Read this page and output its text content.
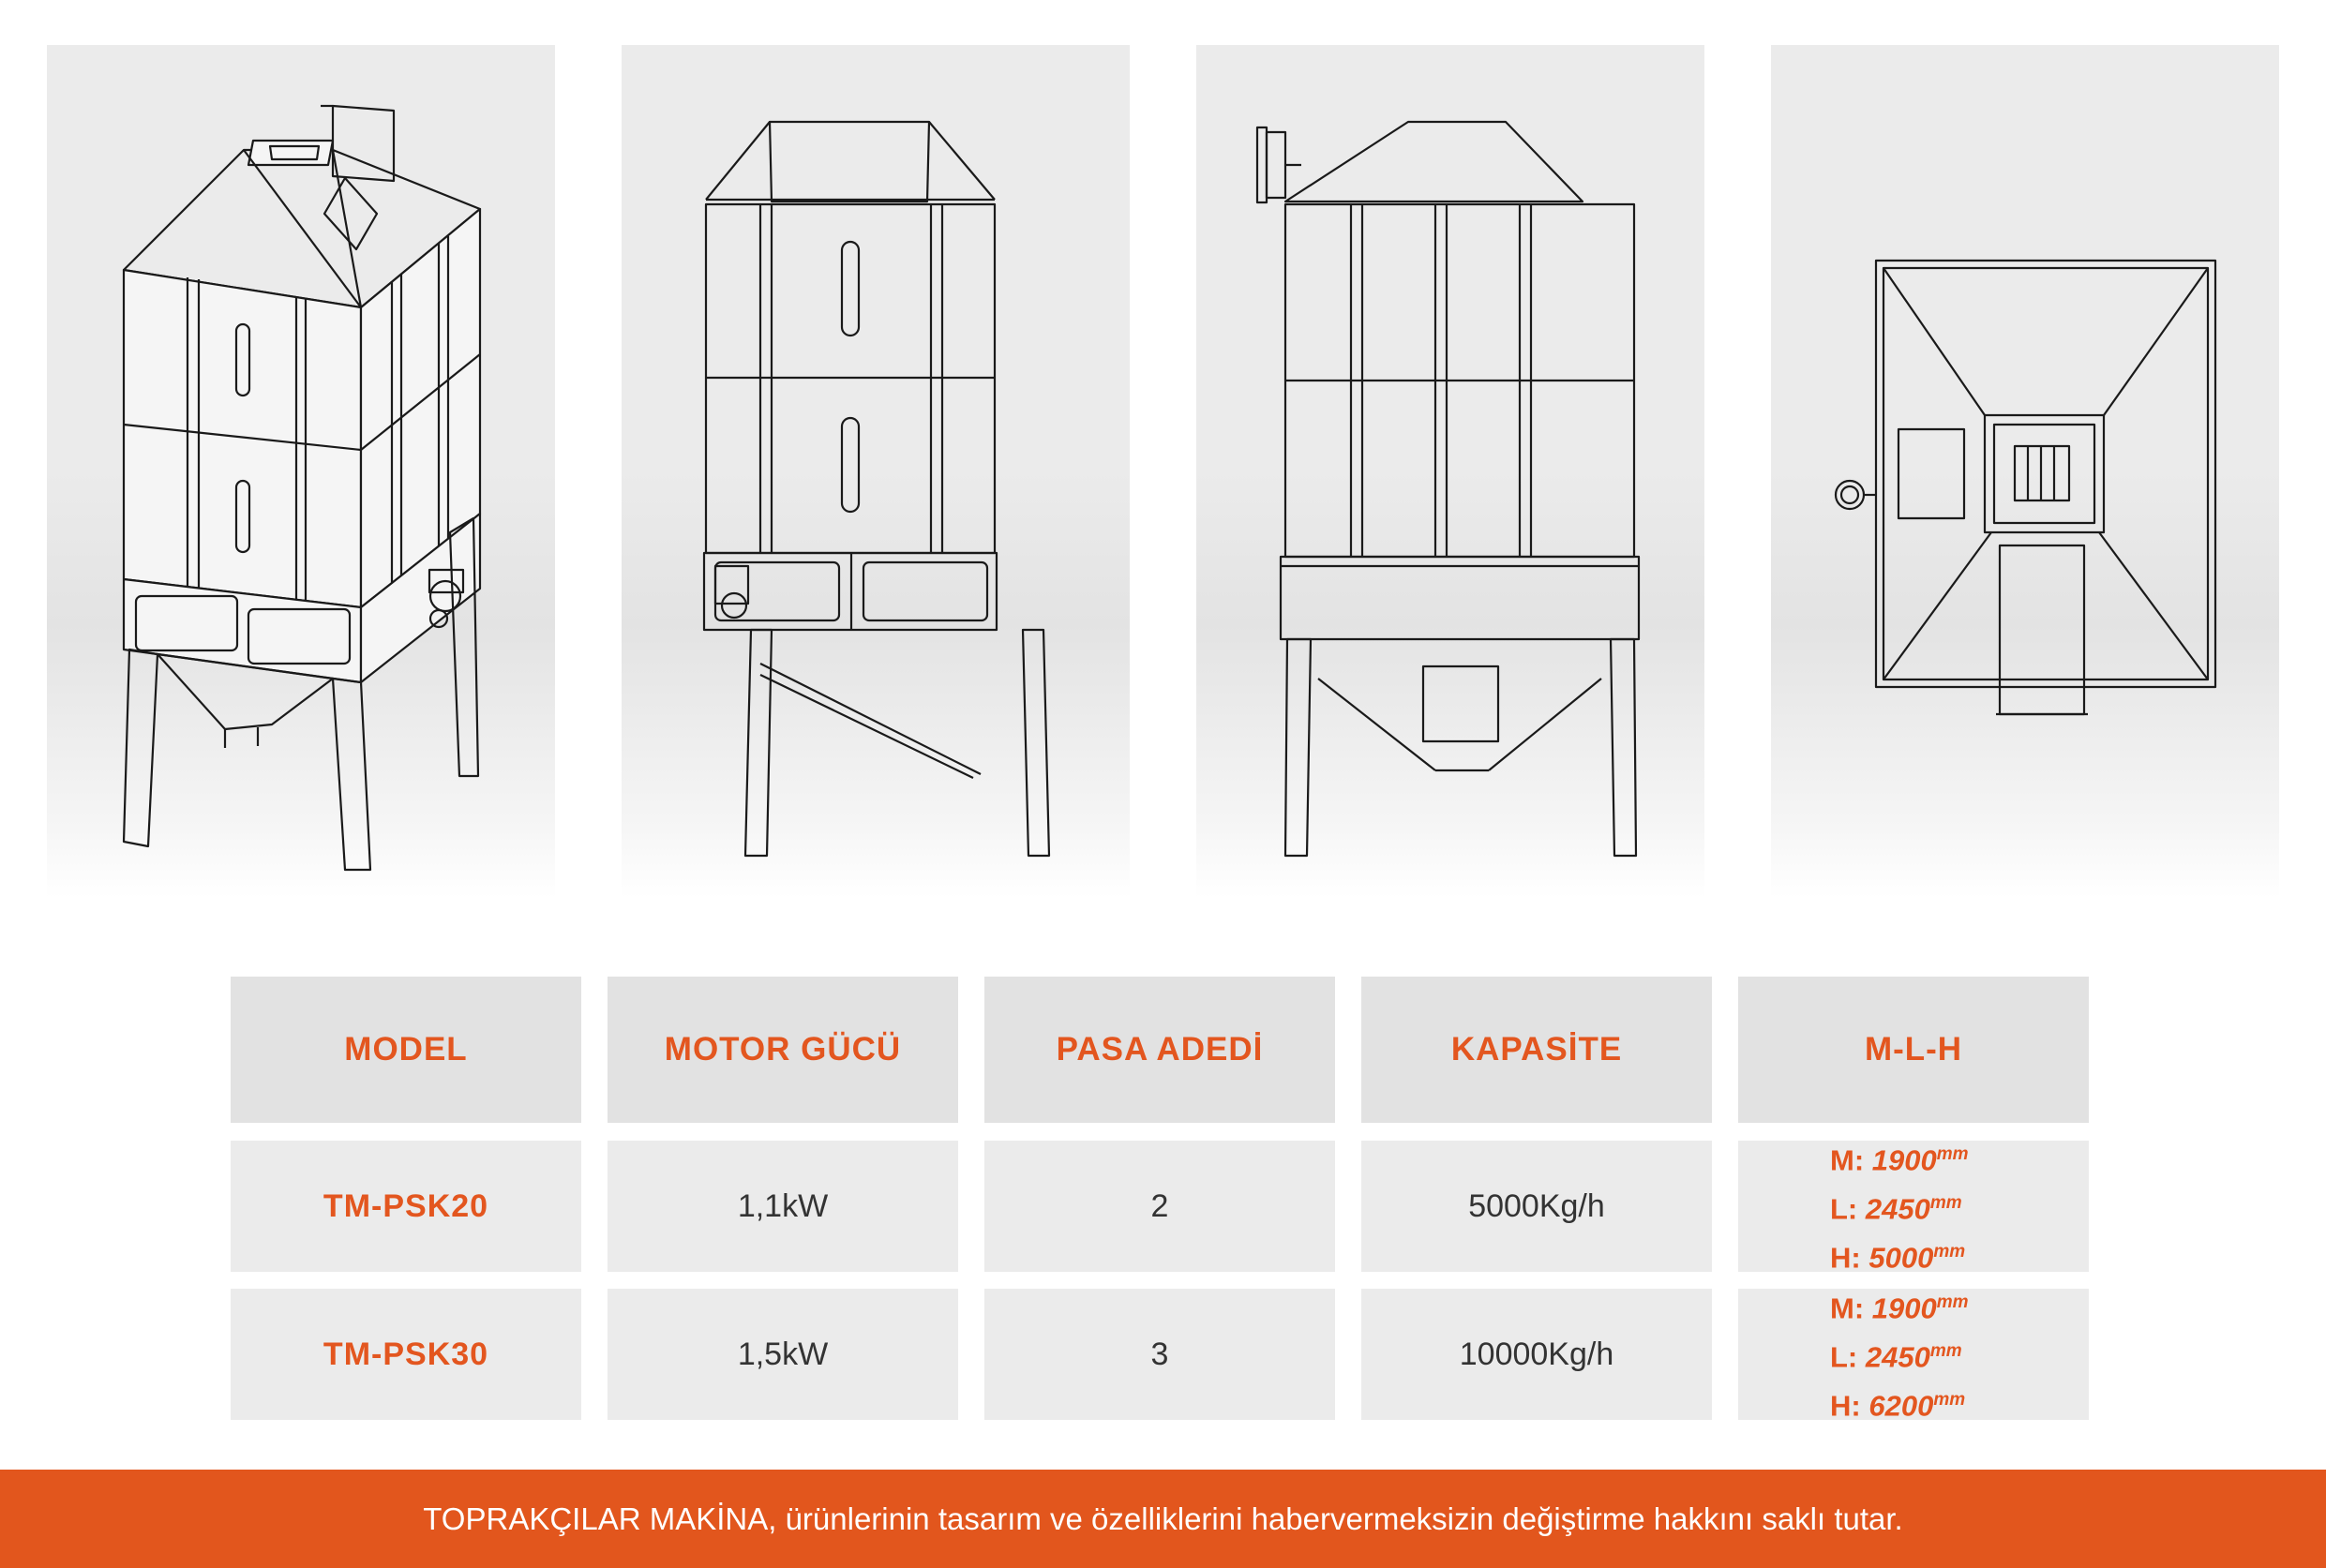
MODEL	MOTOR GÜCÜ	PASA ADEDİ	KAPASİTE	M-L-H
TM-PSK20	1,1kW	2	5000Kg/h
M: $1900^{mm}$
L: $2450^{mm}$
H: $5000^{mm}$
TM-PSK30	1,5kW	3	10000Kg/h
M: $1900^{mm}$
L: $2450^{mm}$
H: $6200^{mm}$
TOPRAKÇILAR MAKİNA, ürünlerinin tasarım ve özelliklerini habervermeksizin değiştirme hakkını saklı tutar.
